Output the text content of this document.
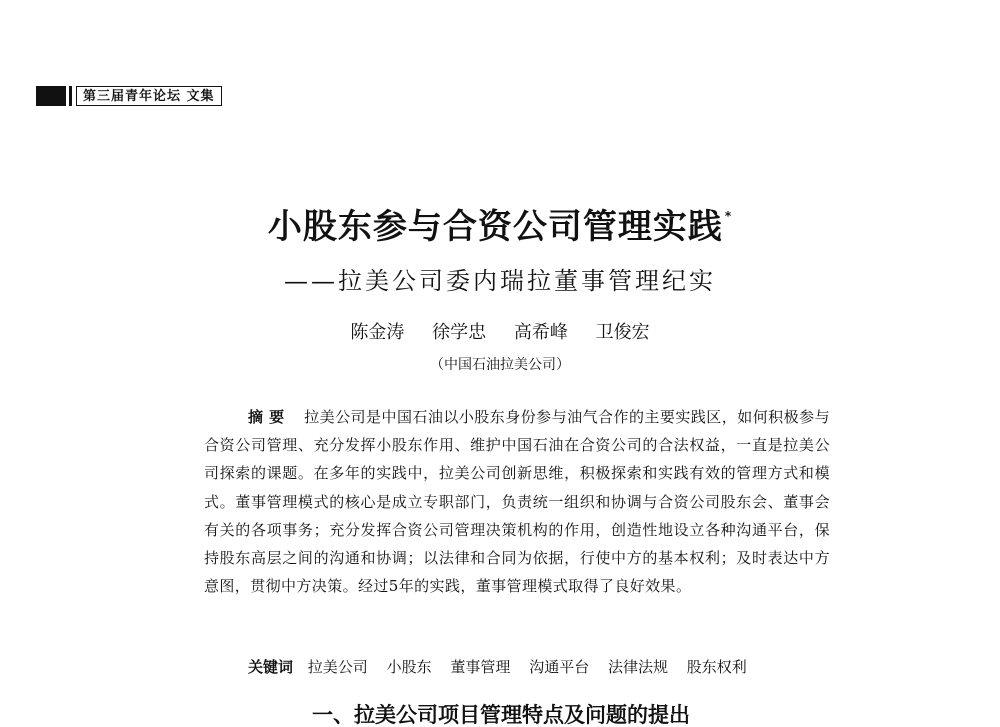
第三届青年论坛 文集
小股东参与合资公司管理实践 *
——拉美公司委内瑞拉董事管理纪实
陈金涛 徐学忠 高希峰 卫俊宏
（中国石油拉美公司）
摘要 拉美公司是中国石油以小股东身份参与油气合作的主要实践区，如何积极参与合资公司管理、充分发挥小股东作用、维护中国石油在合资公司的合法权益，一直是拉美公司探索的课题。在多年的实践中，拉美公司创新思维，积极探索和实践有效的管理方式和模式。董事管理模式的核心是成立专职部门，负责统一组织和协调与合资公司股东会、董事会有关的各项事务；充分发挥合资公司管理决策机构的作用，创造性地设立各种沟通平台，保持股东高层之间的沟通和协调；以法律和合同为依据，行使中方的基本权利；及时表达中方意图，贯彻中方决策。经过5年的实践，董事管理模式取得了良好效果。
关键词 拉美公司 小股东 董事管理 沟通平台 法律法规 股东权利
一、拉美公司项目管理特点及问题的提出
